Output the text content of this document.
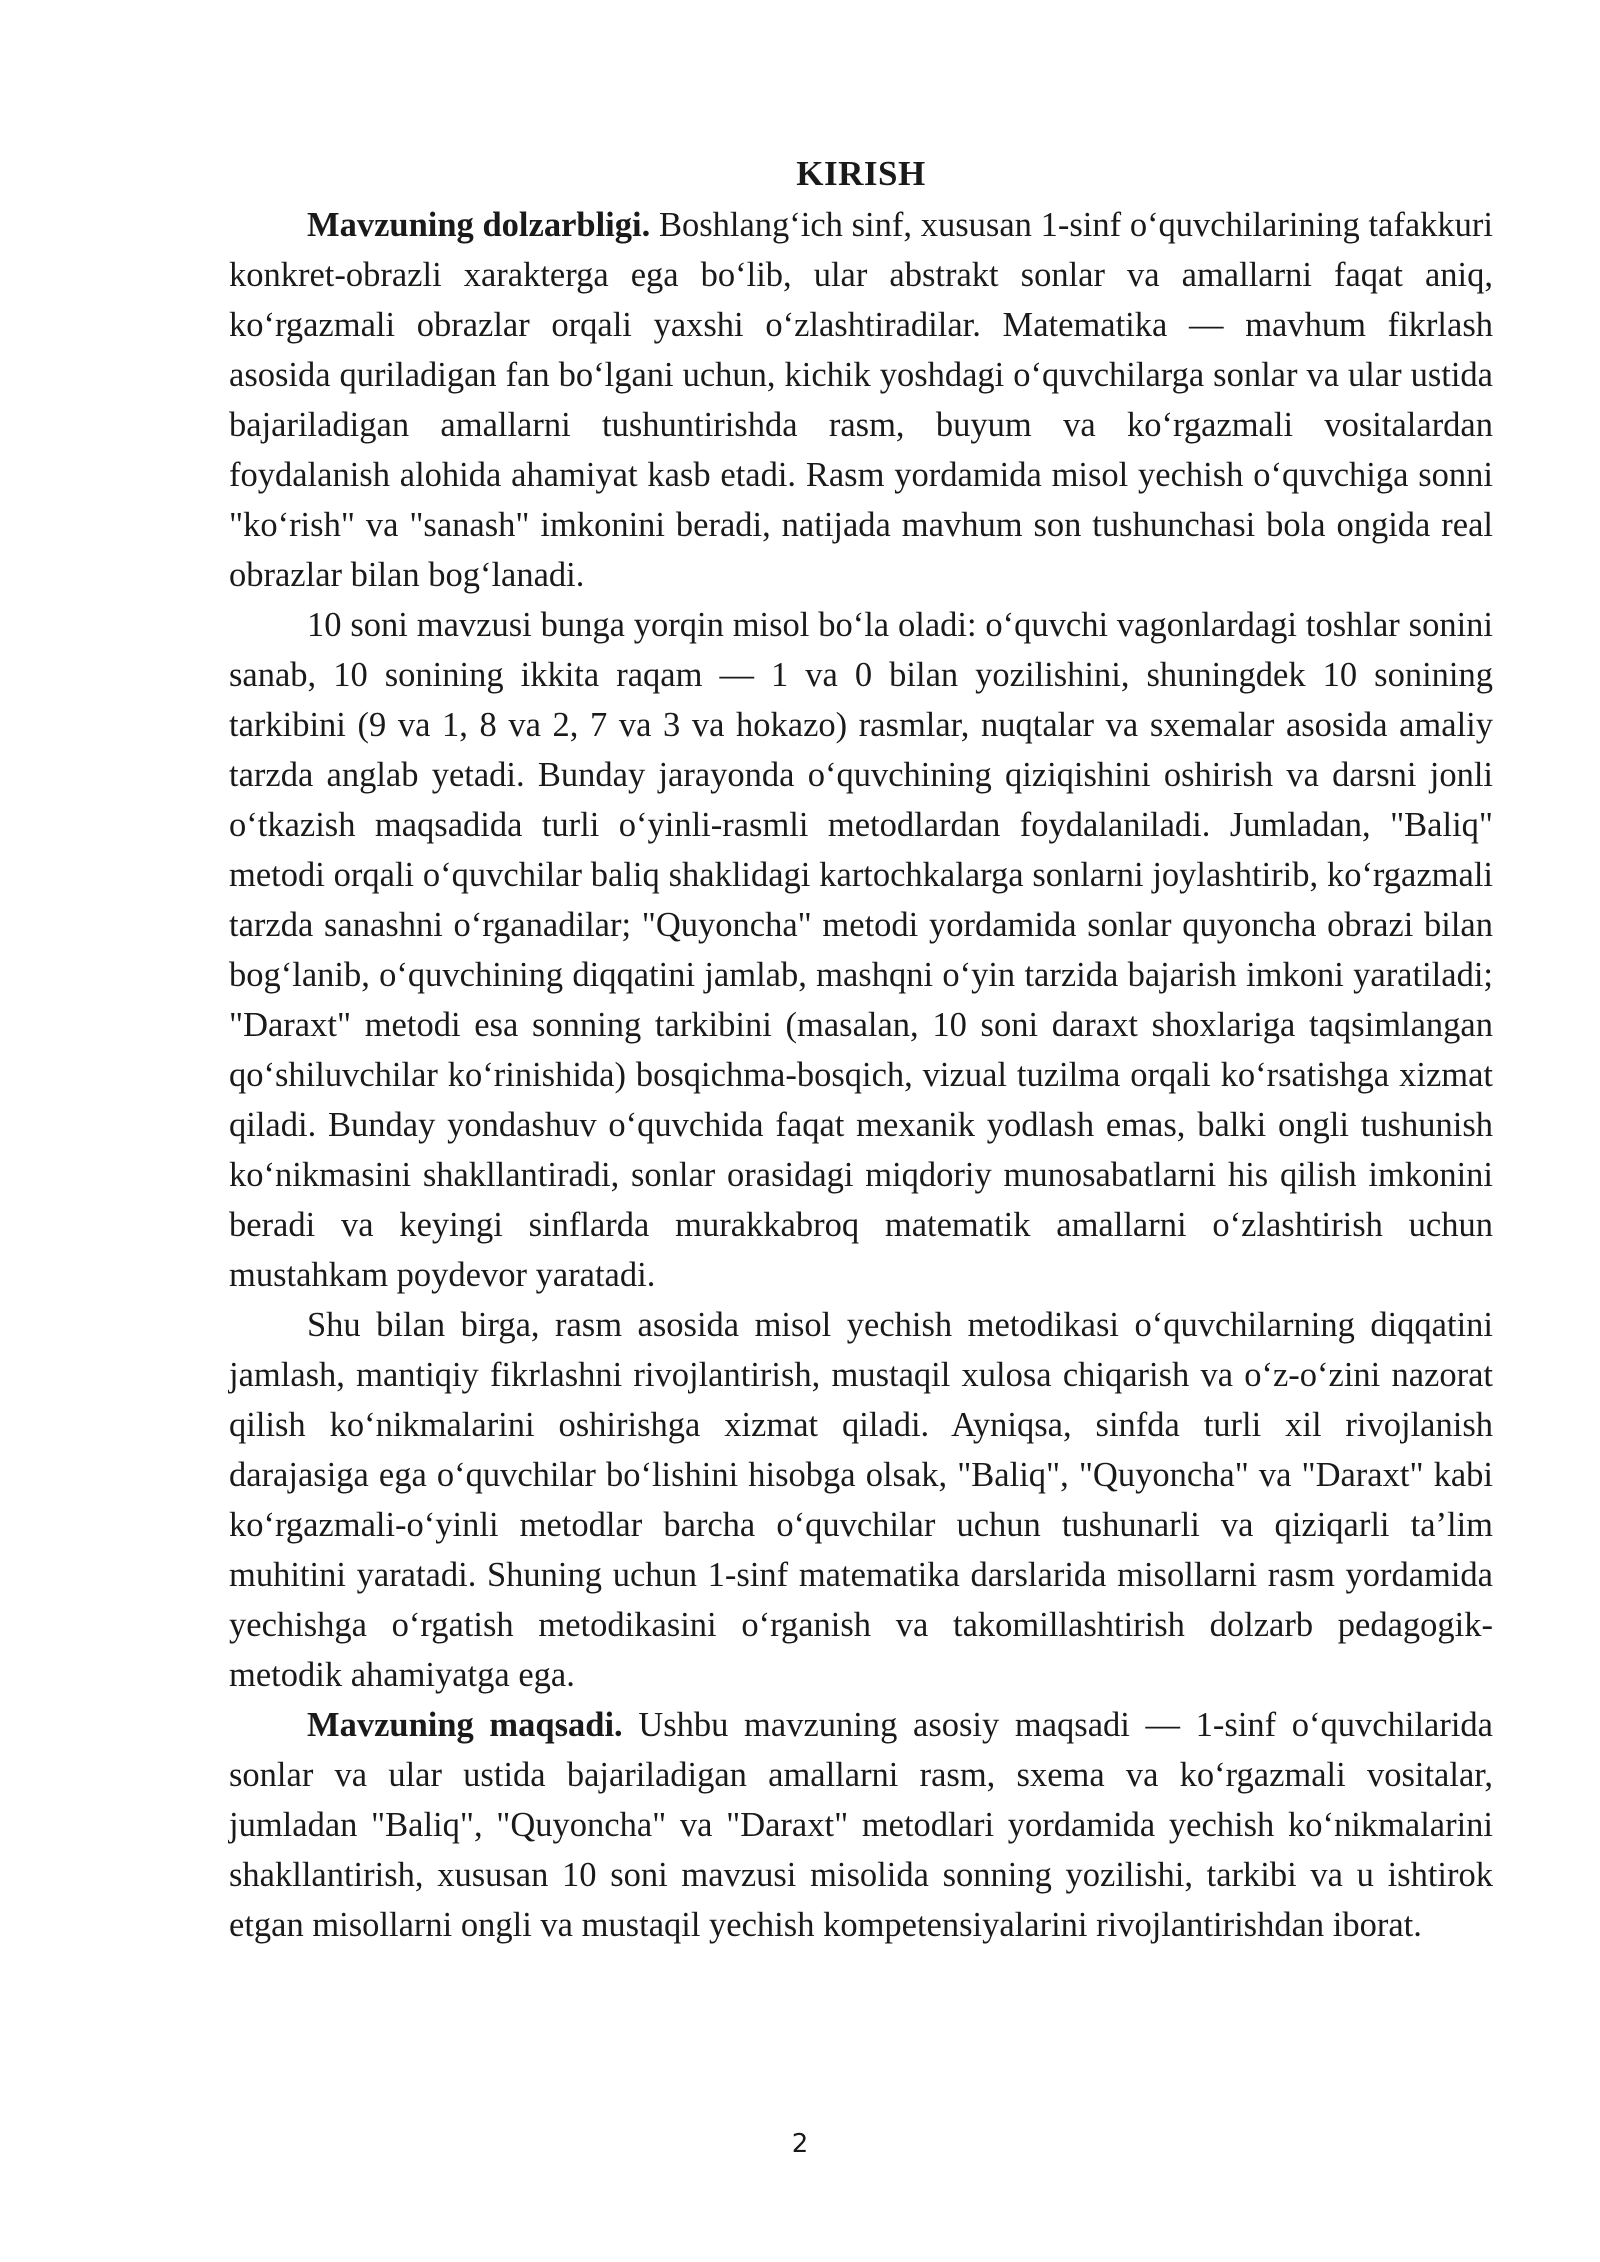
KIRISH

Mavzuning dolzarbligi. Boshlang‘ich sinf, xususan 1-sinf o‘quvchilarining tafakkuri konkret-obrazli xarakterga ega bo‘lib, ular abstrakt sonlar va amallarni faqat aniq, ko‘rgazmali obrazlar orqali yaxshi o‘zlashtiradilar. Matematika — mavhum fikrlash asosida quriladigan fan bo‘lgani uchun, kichik yoshdagi o‘quvchilarga sonlar va ular ustida bajariladigan amallarni tushuntirishda rasm, buyum va ko‘rgazmali vositalardan foydalanish alohida ahamiyat kasb etadi. Rasm yordamida misol yechish o‘quvchiga sonni "ko‘rish" va "sanash" imkonini beradi, natijada mavhum son tushunchasi bola ongida real obrazlar bilan bog‘lanadi.

10 soni mavzusi bunga yorqin misol bo‘la oladi: o‘quvchi vagonlardagi toshlar sonini sanab, 10 sonining ikkita raqam — 1 va 0 bilan yozilishini, shuningdek 10 sonining tarkibini (9 va 1, 8 va 2, 7 va 3 va hokazo) rasmlar, nuqtalar va sxemalar asosida amaliy tarzda anglab yetadi. Bunday jarayonda o‘quvchining qiziqishini oshirish va darsni jonli o‘tkazish maqsadida turli o‘yinli-rasmli metodlardan foydalaniladi. Jumladan, "Baliq" metodi orqali o‘quvchilar baliq shaklidagi kartochkalarga sonlarni joylashtirib, ko‘rgazmali tarzda sanashni o‘rganadilar; "Quyoncha" metodi yordamida sonlar quyoncha obrazi bilan bog‘lanib, o‘quvchining diqqatini jamlab, mashqni o‘yin tarzida bajarish imkoni yaratiladi; "Daraxt" metodi esa sonning tarkibini (masalan, 10 soni daraxt shoxlariga taqsimlangan qo‘shiluvchilar ko‘rinishida) bosqichma-bosqich, vizual tuzilma orqali ko‘rsatishga xizmat qiladi. Bunday yondashuv o‘quvchida faqat mexanik yodlash emas, balki ongli tushunish ko‘nikmasini shakllantiradi, sonlar orasidagi miqdoriy munosabatlarni his qilish imkonini beradi va keyingi sinflarda murakkabroq matematik amallarni o‘zlashtirish uchun mustahkam poydevor yaratadi.

Shu bilan birga, rasm asosida misol yechish metodikasi o‘quvchilarning diqqatini jamlash, mantiqiy fikrlashni rivojlantirish, mustaqil xulosa chiqarish va o‘z-o‘zini nazorat qilish ko‘nikmalarini oshirishga xizmat qiladi. Ayniqsa, sinfda turli xil rivojlanish darajasiga ega o‘quvchilar bo‘lishini hisobga olsak, "Baliq", "Quyoncha" va "Daraxt" kabi ko‘rgazmali-o‘yinli metodlar barcha o‘quvchilar uchun tushunarli va qiziqarli ta’lim muhitini yaratadi. Shuning uchun 1-sinf matematika darslarida misollarni rasm yordamida yechishga o‘rgatish metodikasini o‘rganish va takomillashtirish dolzarb pedagogik-metodik ahamiyatga ega.

Mavzuning maqsadi. Ushbu mavzuning asosiy maqsadi — 1-sinf o‘quvchilarida sonlar va ular ustida bajariladigan amallarni rasm, sxema va ko‘rgazmali vositalar, jumladan "Baliq", "Quyoncha" va "Daraxt" metodlari yordamida yechish ko‘nikmalarini shakllantirish, xususan 10 soni mavzusi misolida sonning yozilishi, tarkibi va u ishtirok etgan misollarni ongli va mustaqil yechish kompetensiyalarini rivojlantirishdan iborat.

2
